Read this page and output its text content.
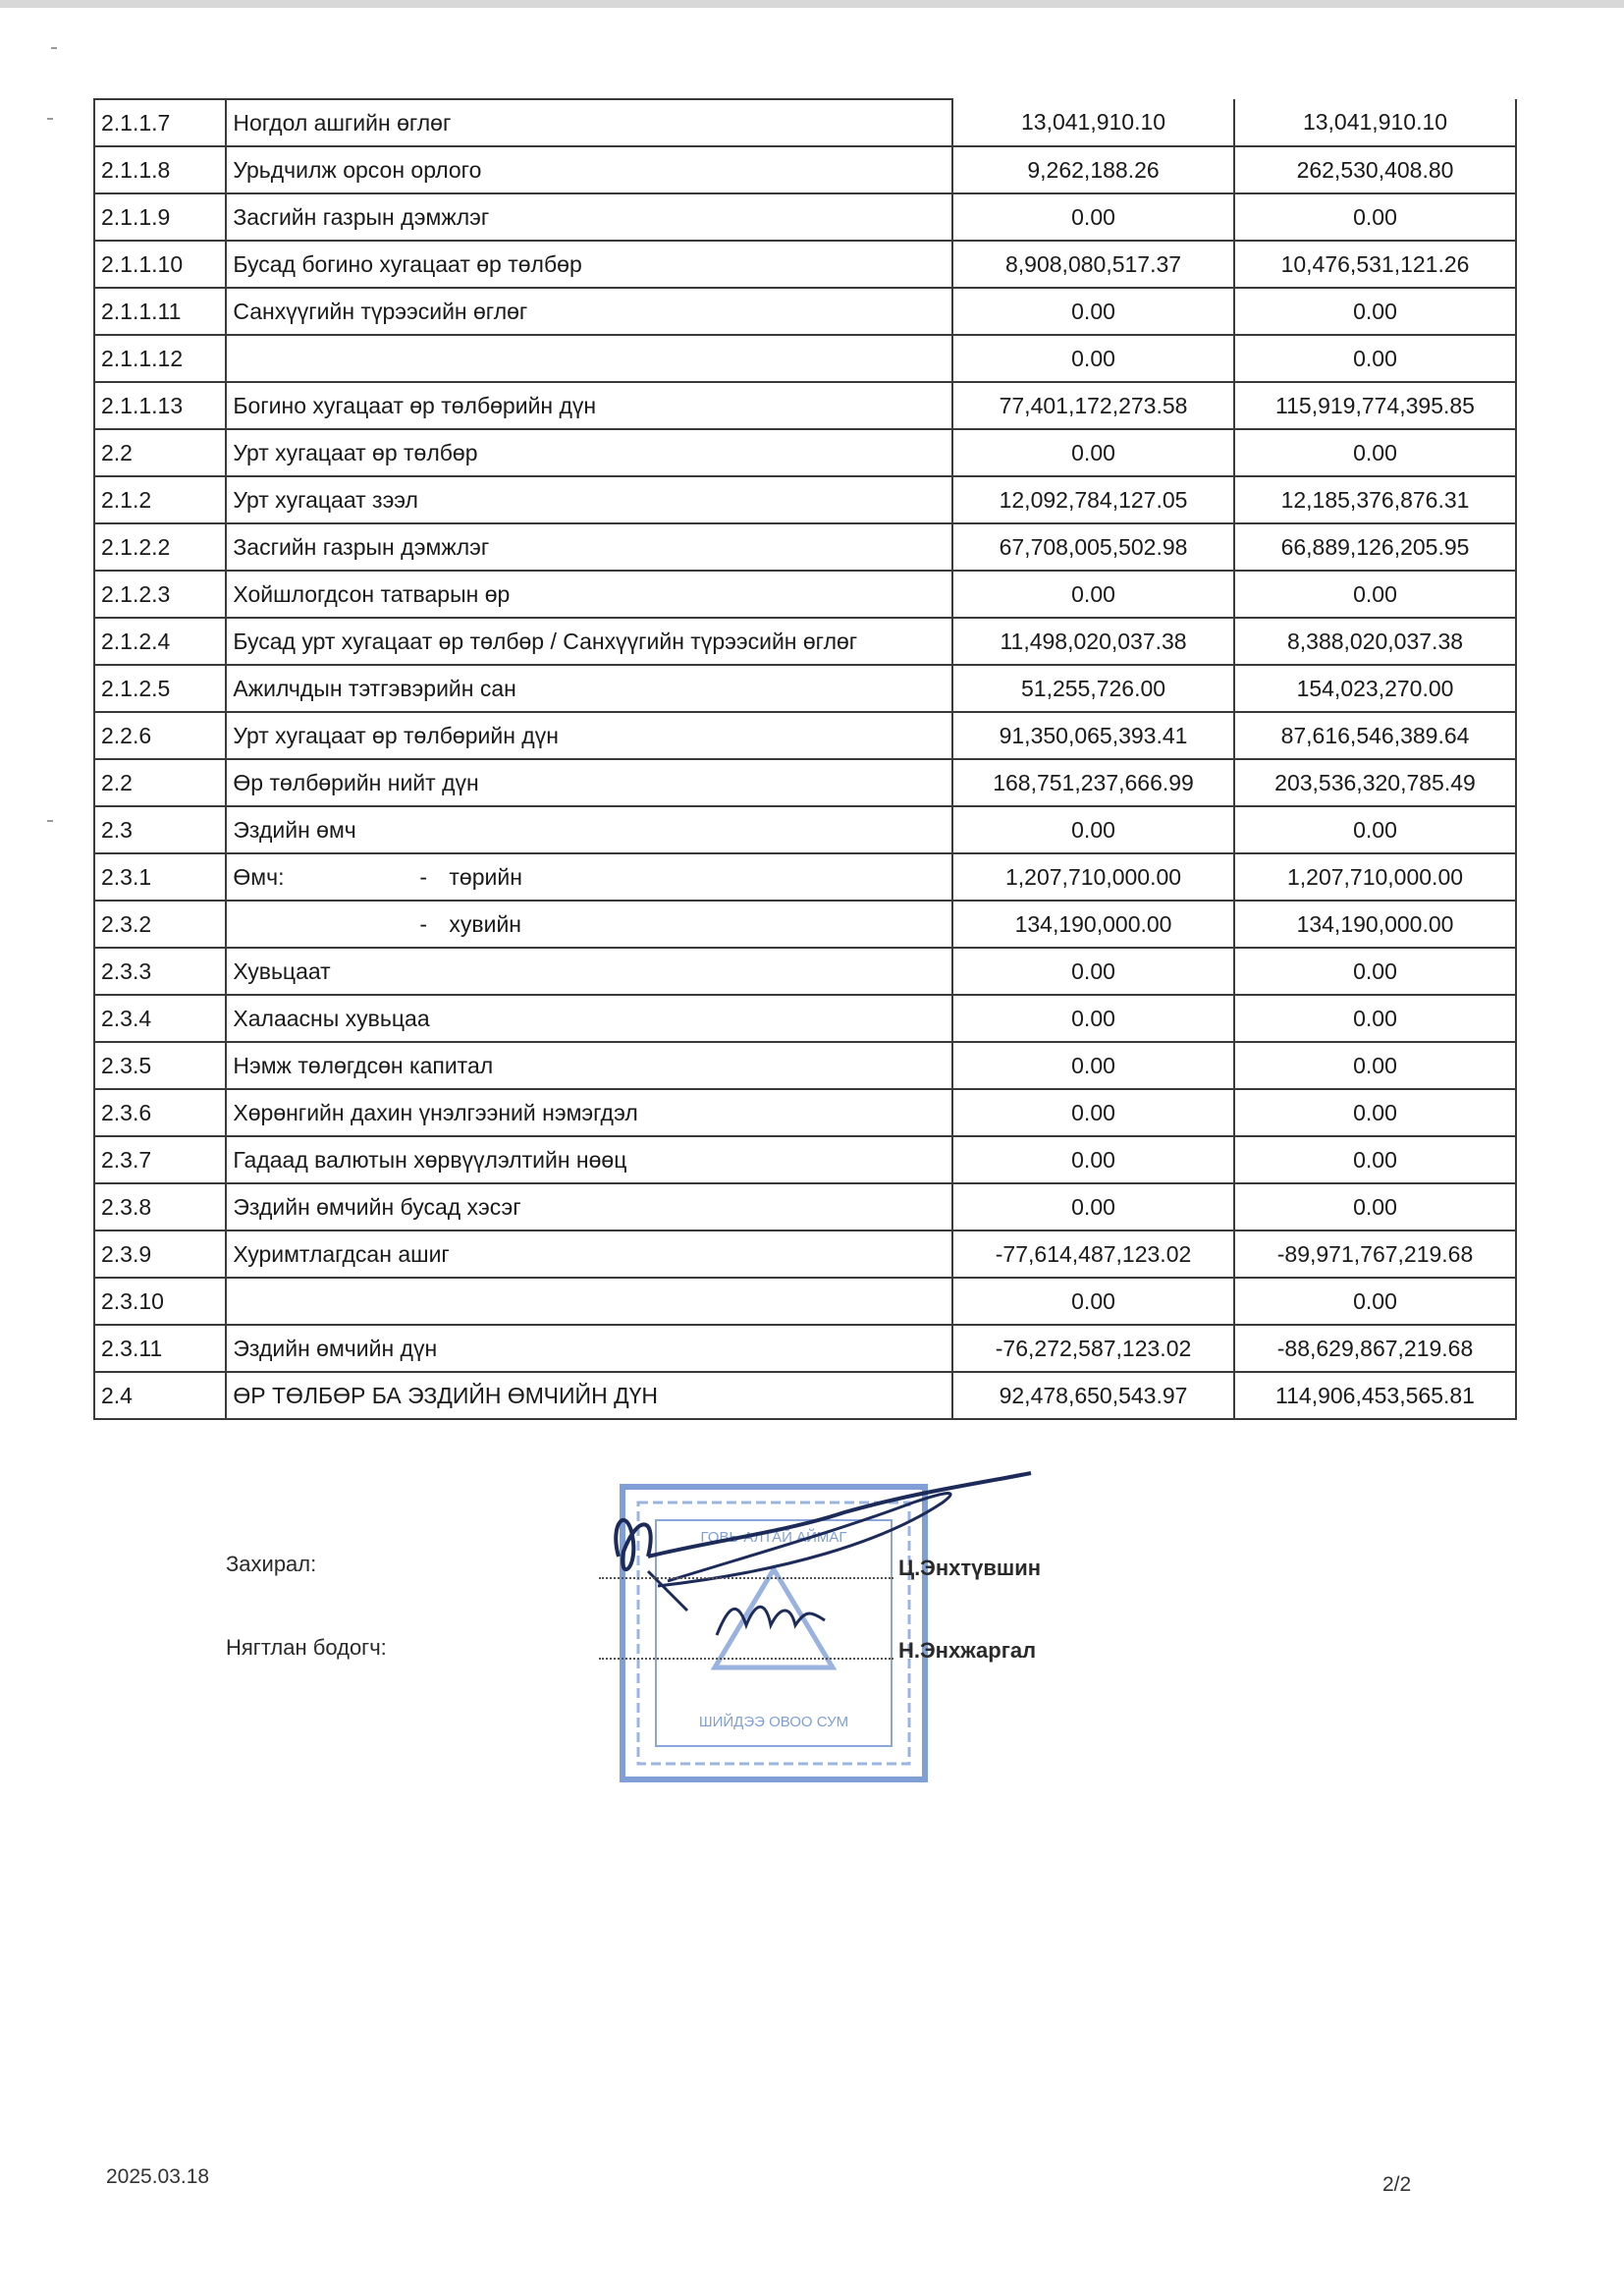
2.1.1.7	Ногдол ашгийн өглөг	13,041,910.10	13,041,910.10
2.1.1.8	Урьдчилж орсон орлого	9,262,188.26	262,530,408.80
2.1.1.9	Засгийн газрын дэмжлэг	0.00	0.00
2.1.1.10	Бусад богино хугацаат өр төлбөр	8,908,080,517.37	10,476,531,121.26
2.1.1.11	Санхүүгийн түрээсийн өглөг	0.00	0.00
2.1.1.12		0.00	0.00
2.1.1.13	Богино хугацаат өр төлбөрийн дүн	77,401,172,273.58	115,919,774,395.85
2.2	Урт хугацаат өр төлбөр	0.00	0.00
2.1.2	Урт хугацаат зээл	12,092,784,127.05	12,185,376,876.31
2.1.2.2	Засгийн газрын дэмжлэг	67,708,005,502.98	66,889,126,205.95
2.1.2.3	Хойшлогдсон татварын өр	0.00	0.00
2.1.2.4	Бусад урт хугацаат өр төлбөр / Санхүүгийн түрээсийн өглөг	11,498,020,037.38	8,388,020,037.38
2.1.2.5	Ажилчдын тэтгэвэрийн сан	51,255,726.00	154,023,270.00
2.2.6	Урт хугацаат өр төлбөрийн дүн	91,350,065,393.41	87,616,546,389.64
2.2	Өр төлбөрийн нийт дүн	168,751,237,666.99	203,536,320,785.49
2.3	Эздийн өмч	0.00	0.00
2.3.1	Өмч: - төрийн	1,207,710,000.00	1,207,710,000.00
2.3.2	- хувийн	134,190,000.00	134,190,000.00
2.3.3	Хувьцаат	0.00	0.00
2.3.4	Халаасны хувьцаа	0.00	0.00
2.3.5	Нэмж төлөгдсөн капитал	0.00	0.00
2.3.6	Хөрөнгийн дахин үнэлгээний нэмэгдэл	0.00	0.00
2.3.7	Гадаад валютын хөрвүүлэлтийн нөөц	0.00	0.00
2.3.8	Эздийн өмчийн бусад хэсэг	0.00	0.00
2.3.9	Хуримтлагдсан ашиг	-77,614,487,123.02	-89,971,767,219.68
2.3.10		0.00	0.00
2.3.11	Эздийн өмчийн дүн	-76,272,587,123.02	-88,629,867,219.68
2.4	ӨР ТӨЛБӨР БА ЭЗДИЙН ӨМЧИЙН ДҮН	92,478,650,543.97	114,906,453,565.81
ГОВЬ-АЛТАЙ АЙМАГ
ШИЙДЭЭ ОВОО СУМ
Захирал:	Ц.Энхтүвшин
Нягтлан бодогч:	Н.Энхжаргал
2025.03.18	2/2
